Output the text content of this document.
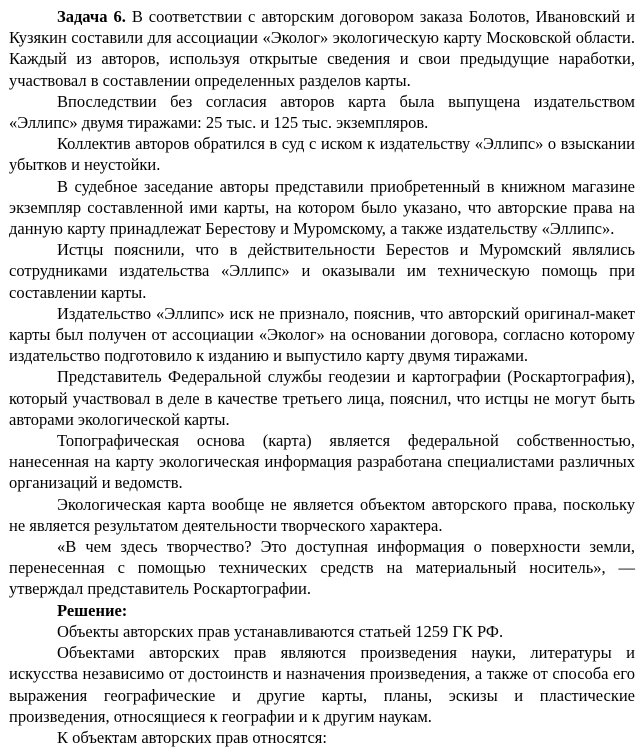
Задача 6. В соответствии с авторским договором заказа Болотов, Ивановский и Кузякин составили для ассоциации «Эколог» экологическую карту Московской области. Каждый из авторов, используя открытые сведения и свои предыдущие наработки, участвовал в составлении определенных разделов карты.

Впоследствии без согласия авторов карта была выпущена издательством «Эллипс» двумя тиражами: 25 тыс. и 125 тыс. экземпляров.

Коллектив авторов обратился в суд с иском к издательству «Эллипс» о взыскании убытков и неустойки.

В судебное заседание авторы представили приобретенный в книжном магазине экземпляр составленной ими карты, на котором было указано, что авторские права на данную карту принадлежат Берестову и Муромскому, а также издательству «Эллипс».

Истцы пояснили, что в действительности Берестов и Муромский являлись сотрудниками издательства «Эллипс» и оказывали им техническую помощь при составлении карты.

Издательство «Эллипс» иск не признало, пояснив, что авторский оригинал-макет карты был получен от ассоциации «Эколог» на основании договора, согласно которому издательство подготовило к изданию и выпустило карту двумя тиражами.

Представитель Федеральной службы геодезии и картографии (Роскартография), который участвовал в деле в качестве третьего лица, пояснил, что истцы не могут быть авторами экологической карты.

Топографическая основа (карта) является федеральной собственностью, нанесенная на карту экологическая информация разработана специалистами различных организаций и ведомств.

Экологическая карта вообще не является объектом авторского права, поскольку не является результатом деятельности творческого характера.

«В чем здесь творчество? Это доступная информация о поверхности земли, перенесенная с помощью технических средств на материальный носитель», — утверждал представитель Роскартографии.

Решение:

Объекты авторских прав устанавливаются статьей 1259 ГК РФ.

Объектами авторских прав являются произведения науки, литературы и искусства независимо от достоинств и назначения произведения, а также от способа его выражения географические и другие карты, планы, эскизы и пластические произведения, относящиеся к географии и к другим наукам.

К объектам авторских прав относятся:
